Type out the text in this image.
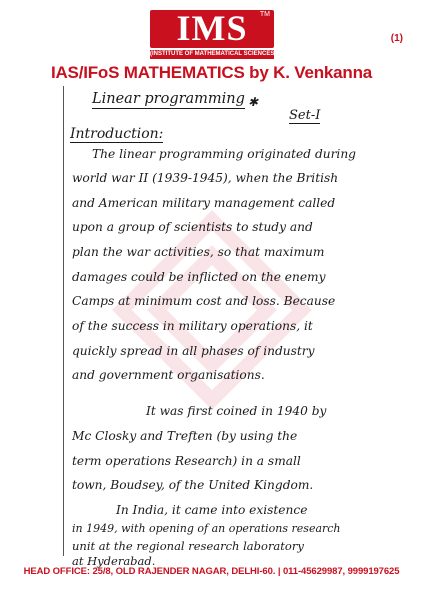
IMS	TM
(INSTITUTE OF MATHEMATICAL SCIENCES)
(1)
IAS/IFoS MATHEMATICS by K. Venkanna
Linear programming ✱
Set-I
Introduction:
The linear programming originated during
world war II (1939-1945), when the British
and American military management called
upon a group of scientists to study and
plan the war activities, so that maximum
damages could be inflicted on the enemy
Camps at minimum cost and loss. Because
of the success in military operations, it
quickly spread in all phases of industry
and government organisations.
It was first coined in 1940 by
Mc Closky and Treften (by using the
term operations Research) in a small
town, Boudsey, of the United Kingdom.
In India, it came into existence
in 1949, with opening of an operations research
unit at the regional research laboratory
at Hyderabad.
HEAD OFFICE: 25/8, OLD RAJENDER NAGAR, DELHI-60. | 011-45629987, 9999197625
